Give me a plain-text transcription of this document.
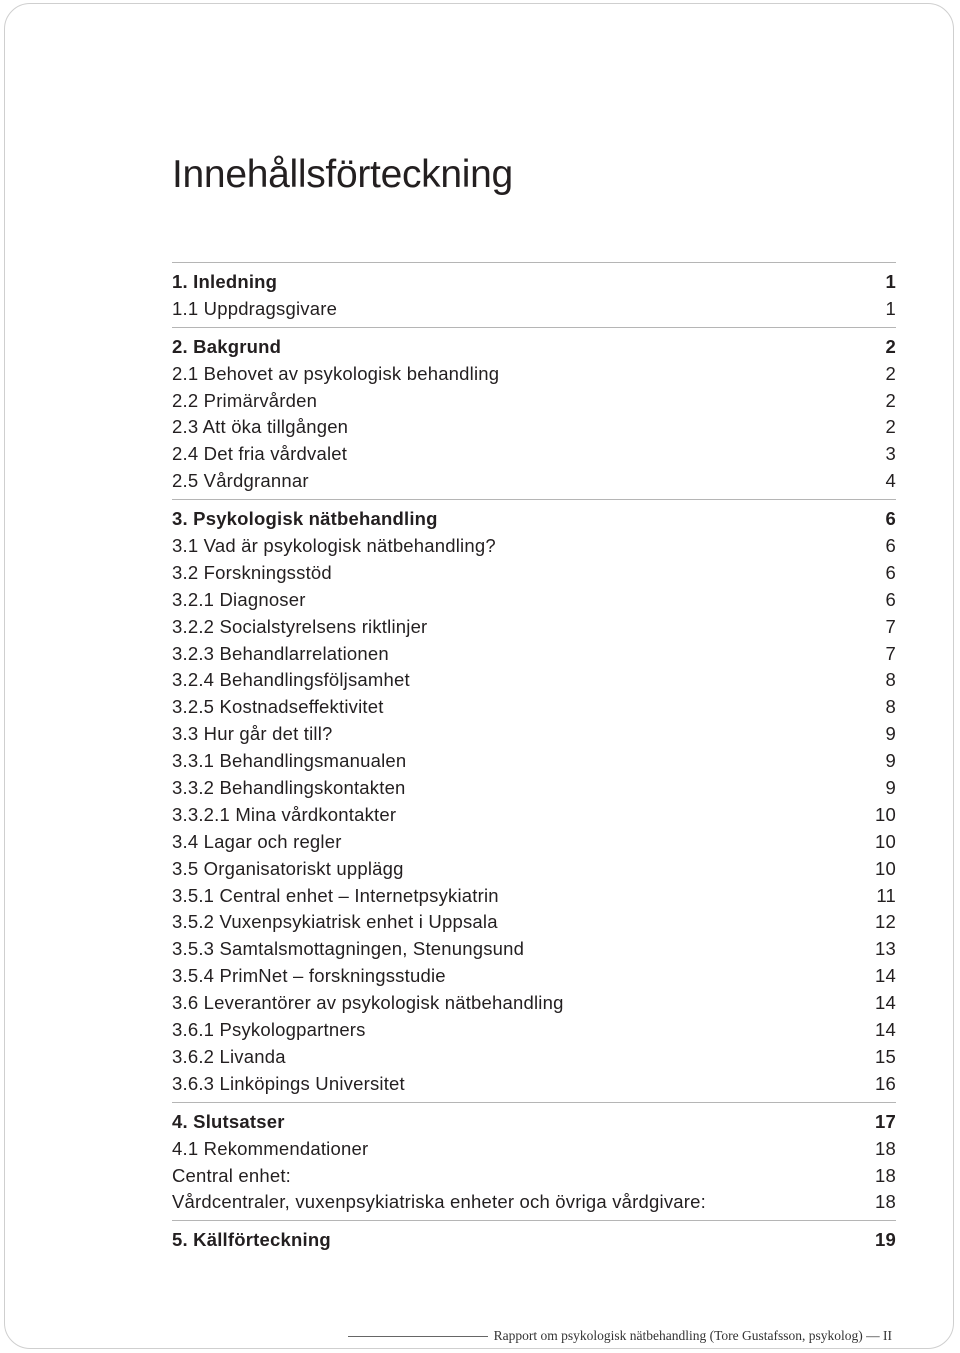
Innehållsförteckning
1. Inledning	1
1.1 Uppdragsgivare	1
2. Bakgrund	2
2.1 Behovet av psykologisk behandling	2
2.2 Primärvården	2
2.3 Att öka tillgången	2
2.4 Det fria vårdvalet	3
2.5 Vårdgrannar	4
3. Psykologisk nätbehandling	6
3.1 Vad är psykologisk nätbehandling?	6
3.2 Forskningsstöd	6
3.2.1 Diagnoser	6
3.2.2 Socialstyrelsens riktlinjer	7
3.2.3 Behandlarrelationen	7
3.2.4 Behandlingsföljsamhet	8
3.2.5 Kostnadseffektivitet	8
3.3 Hur går det till?	9
3.3.1 Behandlingsmanualen	9
3.3.2 Behandlingskontakten	9
3.3.2.1 Mina vårdkontakter	10
3.4 Lagar och regler	10
3.5 Organisatoriskt upplägg	10
3.5.1 Central enhet – Internetpsykiatrin	11
3.5.2 Vuxenpsykiatrisk enhet i Uppsala	12
3.5.3 Samtalsmottagningen, Stenungsund	13
3.5.4 PrimNet – forskningsstudie	14
3.6 Leverantörer av psykologisk nätbehandling	14
3.6.1 Psykologpartners	14
3.6.2 Livanda	15
3.6.3 Linköpings Universitet	16
4. Slutsatser	17
4.1 Rekommendationer	18
Central enhet:	18
Vårdcentraler, vuxenpsykiatriska enheter och övriga vårdgivare:	18
5. Källförteckning	19
Rapport om psykologisk nätbehandling (Tore Gustafsson, psykolog) — II
